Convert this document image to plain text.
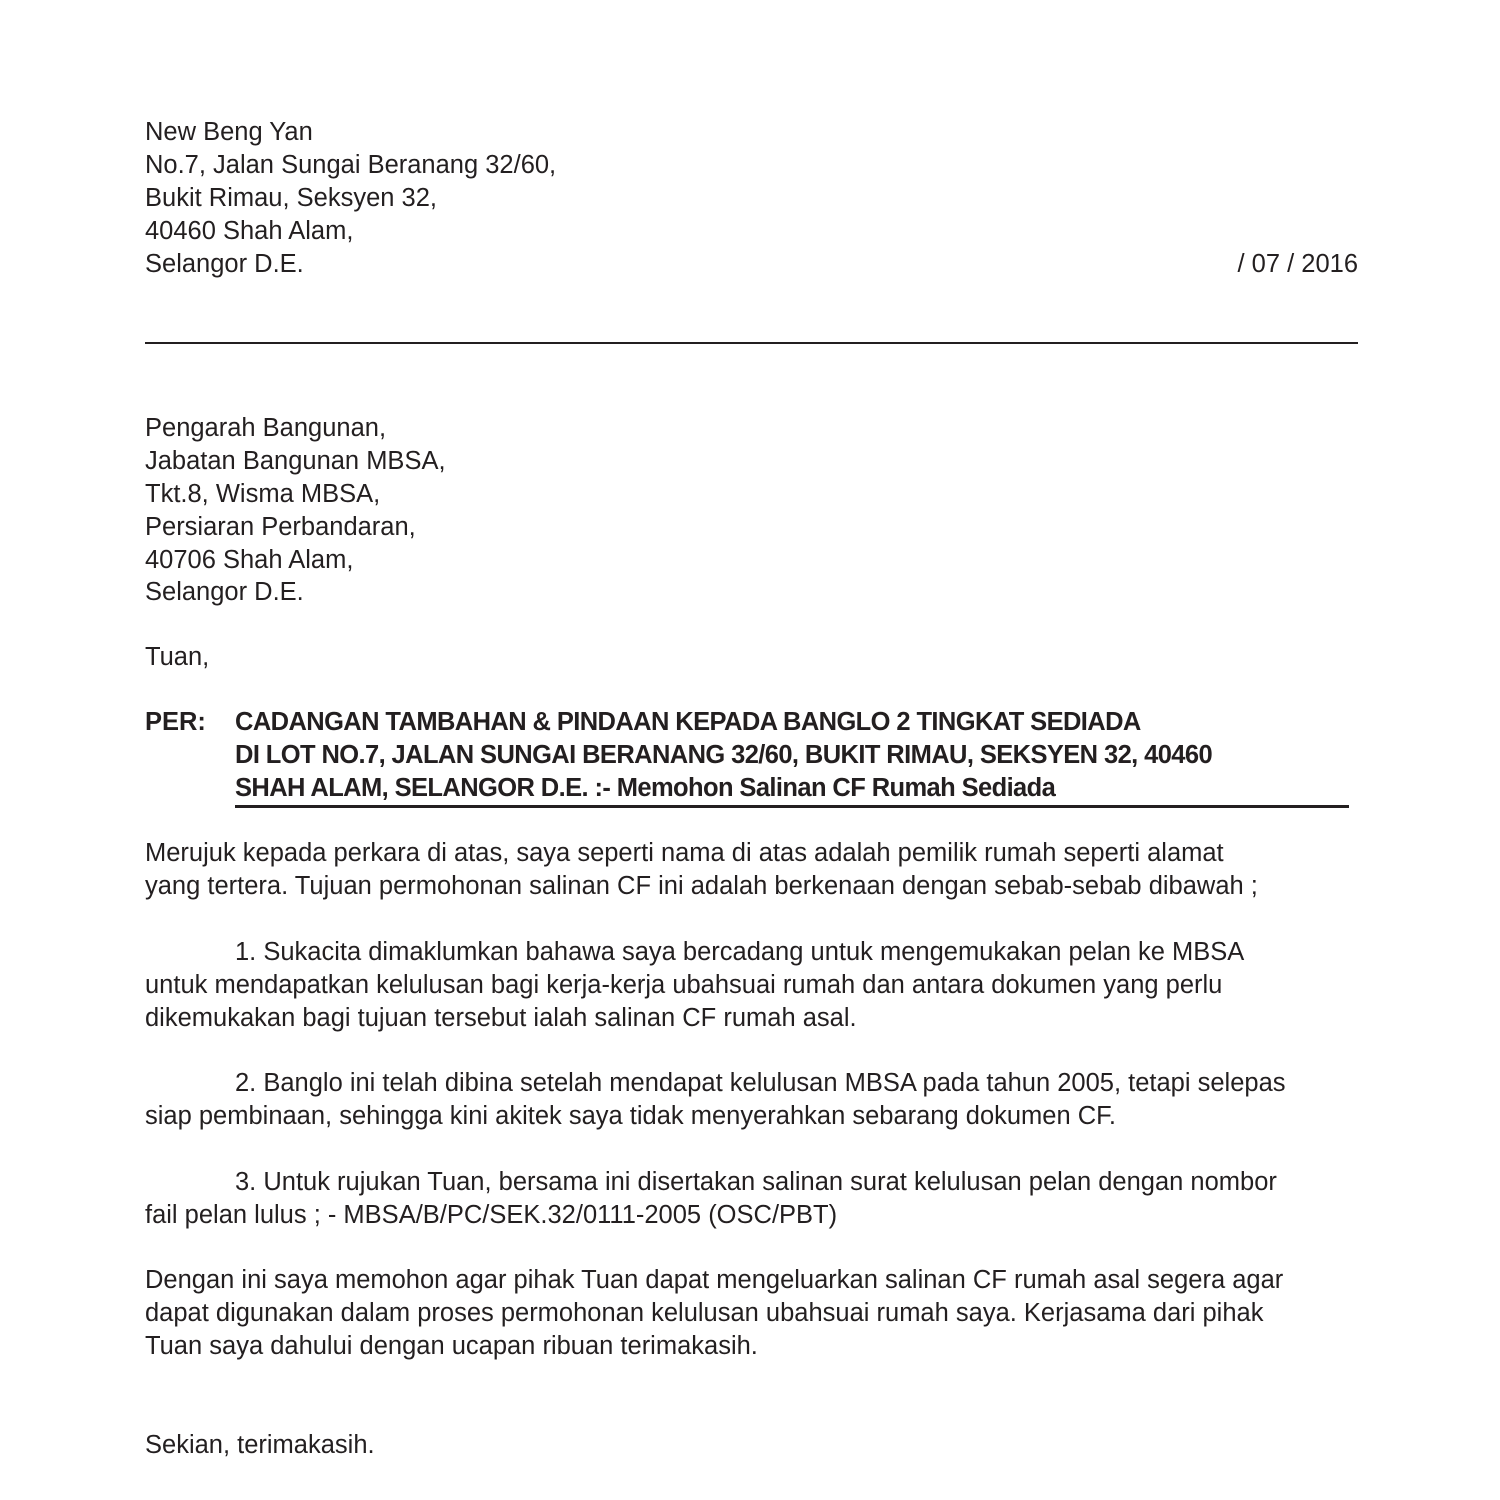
New Beng Yan
No.7, Jalan Sungai Beranang 32/60,
Bukit Rimau, Seksyen 32,
40460 Shah Alam,
Selangor D.E.	/ 07 / 2016
Pengarah Bangunan,
Jabatan Bangunan MBSA,
Tkt.8, Wisma MBSA,
Persiaran Perbandaran,
40706 Shah Alam,
Selangor D.E.
Tuan,
PER: CADANGAN TAMBAHAN & PINDAAN KEPADA BANGLO 2 TINGKAT SEDIADA
DI LOT NO.7, JALAN SUNGAI BERANANG 32/60, BUKIT RIMAU, SEKSYEN 32, 40460
SHAH ALAM, SELANGOR D.E. :- Memohon Salinan CF Rumah Sediada
Merujuk kepada perkara di atas, saya seperti nama di atas adalah pemilik rumah seperti alamat
yang tertera. Tujuan permohonan salinan CF ini adalah berkenaan dengan sebab-sebab dibawah ;
1. Sukacita dimaklumkan bahawa saya bercadang untuk mengemukakan pelan ke MBSA
untuk mendapatkan kelulusan bagi kerja-kerja ubahsuai rumah dan antara dokumen yang perlu
dikemukakan bagi tujuan tersebut ialah salinan CF rumah asal.
2. Banglo ini telah dibina setelah mendapat kelulusan MBSA pada tahun 2005, tetapi selepas
siap pembinaan, sehingga kini akitek saya tidak menyerahkan sebarang dokumen CF.
3. Untuk rujukan Tuan, bersama ini disertakan salinan surat kelulusan pelan dengan nombor
fail pelan lulus ; - MBSA/B/PC/SEK.32/0111-2005 (OSC/PBT)
Dengan ini saya memohon agar pihak Tuan dapat mengeluarkan salinan CF rumah asal segera agar
dapat digunakan dalam proses permohonan kelulusan ubahsuai rumah saya. Kerjasama dari pihak
Tuan saya dahului dengan ucapan ribuan terimakasih.
Sekian, terimakasih.
